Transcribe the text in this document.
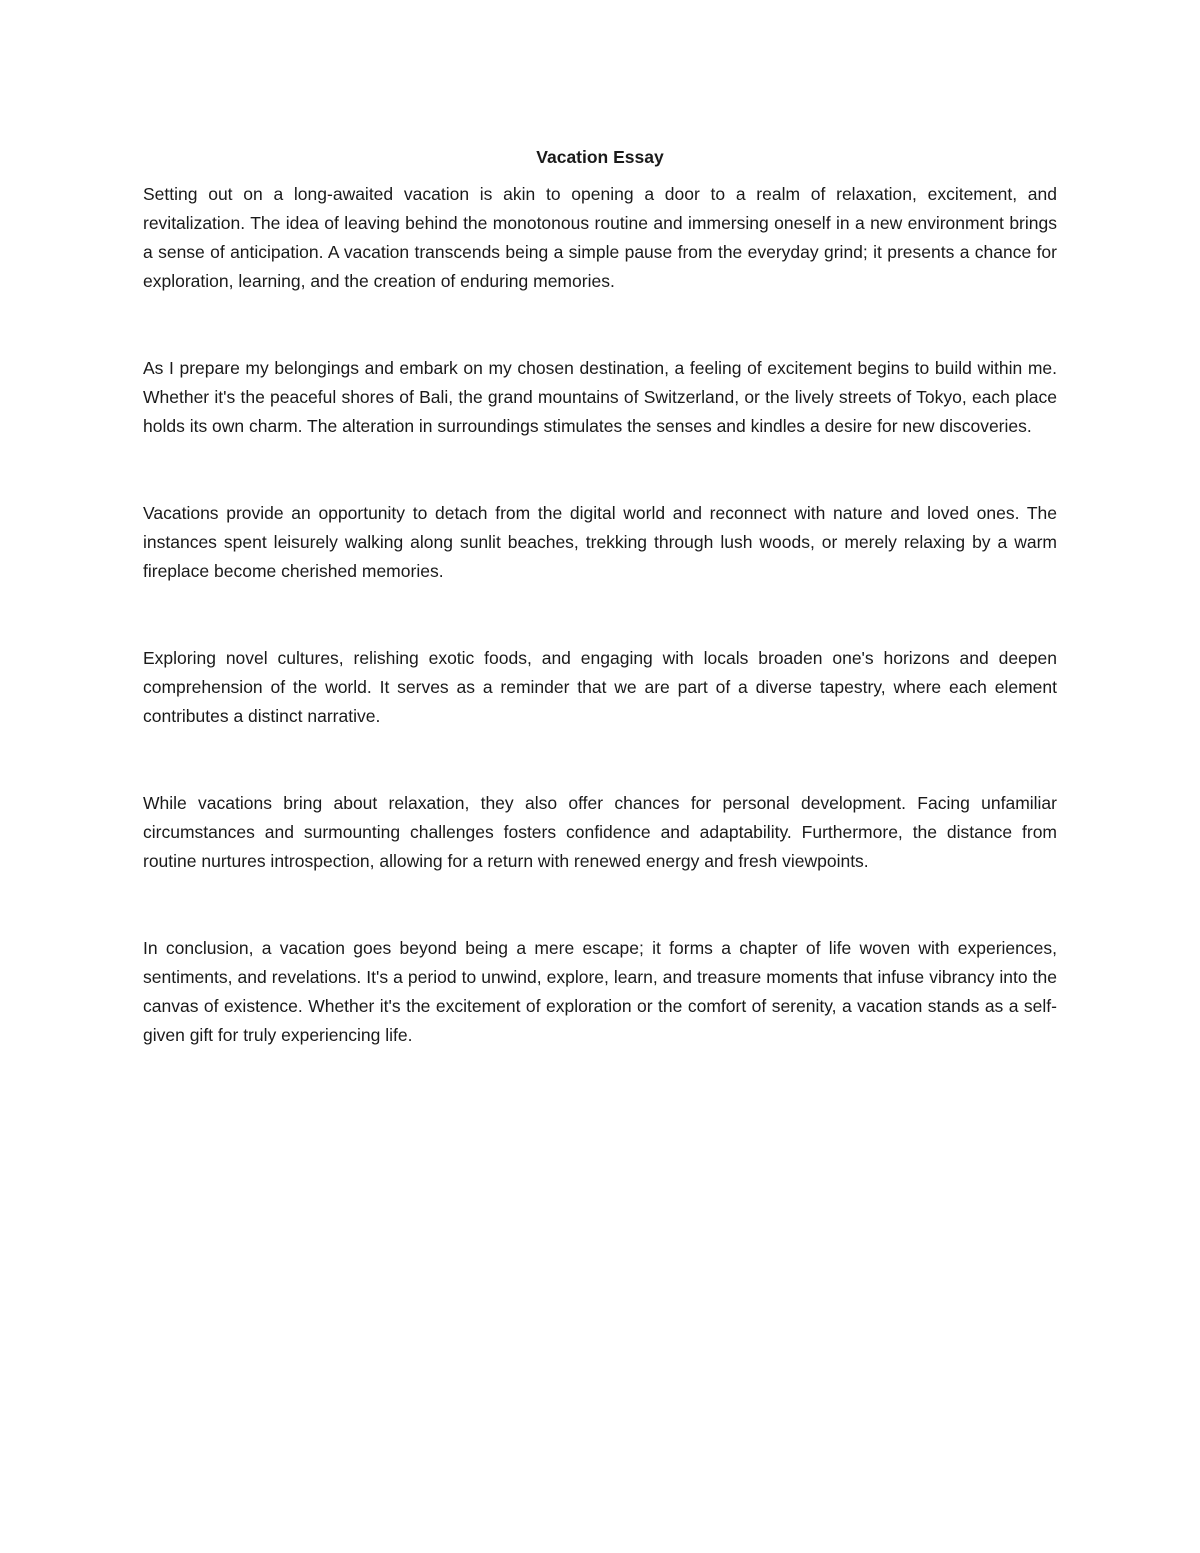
Vacation Essay

Setting out on a long-awaited vacation is akin to opening a door to a realm of relaxation, excitement, and revitalization. The idea of leaving behind the monotonous routine and immersing oneself in a new environment brings a sense of anticipation. A vacation transcends being a simple pause from the everyday grind; it presents a chance for exploration, learning, and the creation of enduring memories.

As I prepare my belongings and embark on my chosen destination, a feeling of excitement begins to build within me. Whether it's the peaceful shores of Bali, the grand mountains of Switzerland, or the lively streets of Tokyo, each place holds its own charm. The alteration in surroundings stimulates the senses and kindles a desire for new discoveries.

Vacations provide an opportunity to detach from the digital world and reconnect with nature and loved ones. The instances spent leisurely walking along sunlit beaches, trekking through lush woods, or merely relaxing by a warm fireplace become cherished memories.

Exploring novel cultures, relishing exotic foods, and engaging with locals broaden one's horizons and deepen comprehension of the world. It serves as a reminder that we are part of a diverse tapestry, where each element contributes a distinct narrative.

While vacations bring about relaxation, they also offer chances for personal development. Facing unfamiliar circumstances and surmounting challenges fosters confidence and adaptability. Furthermore, the distance from routine nurtures introspection, allowing for a return with renewed energy and fresh viewpoints.

In conclusion, a vacation goes beyond being a mere escape; it forms a chapter of life woven with experiences, sentiments, and revelations. It's a period to unwind, explore, learn, and treasure moments that infuse vibrancy into the canvas of existence. Whether it's the excitement of exploration or the comfort of serenity, a vacation stands as a self-given gift for truly experiencing life.
